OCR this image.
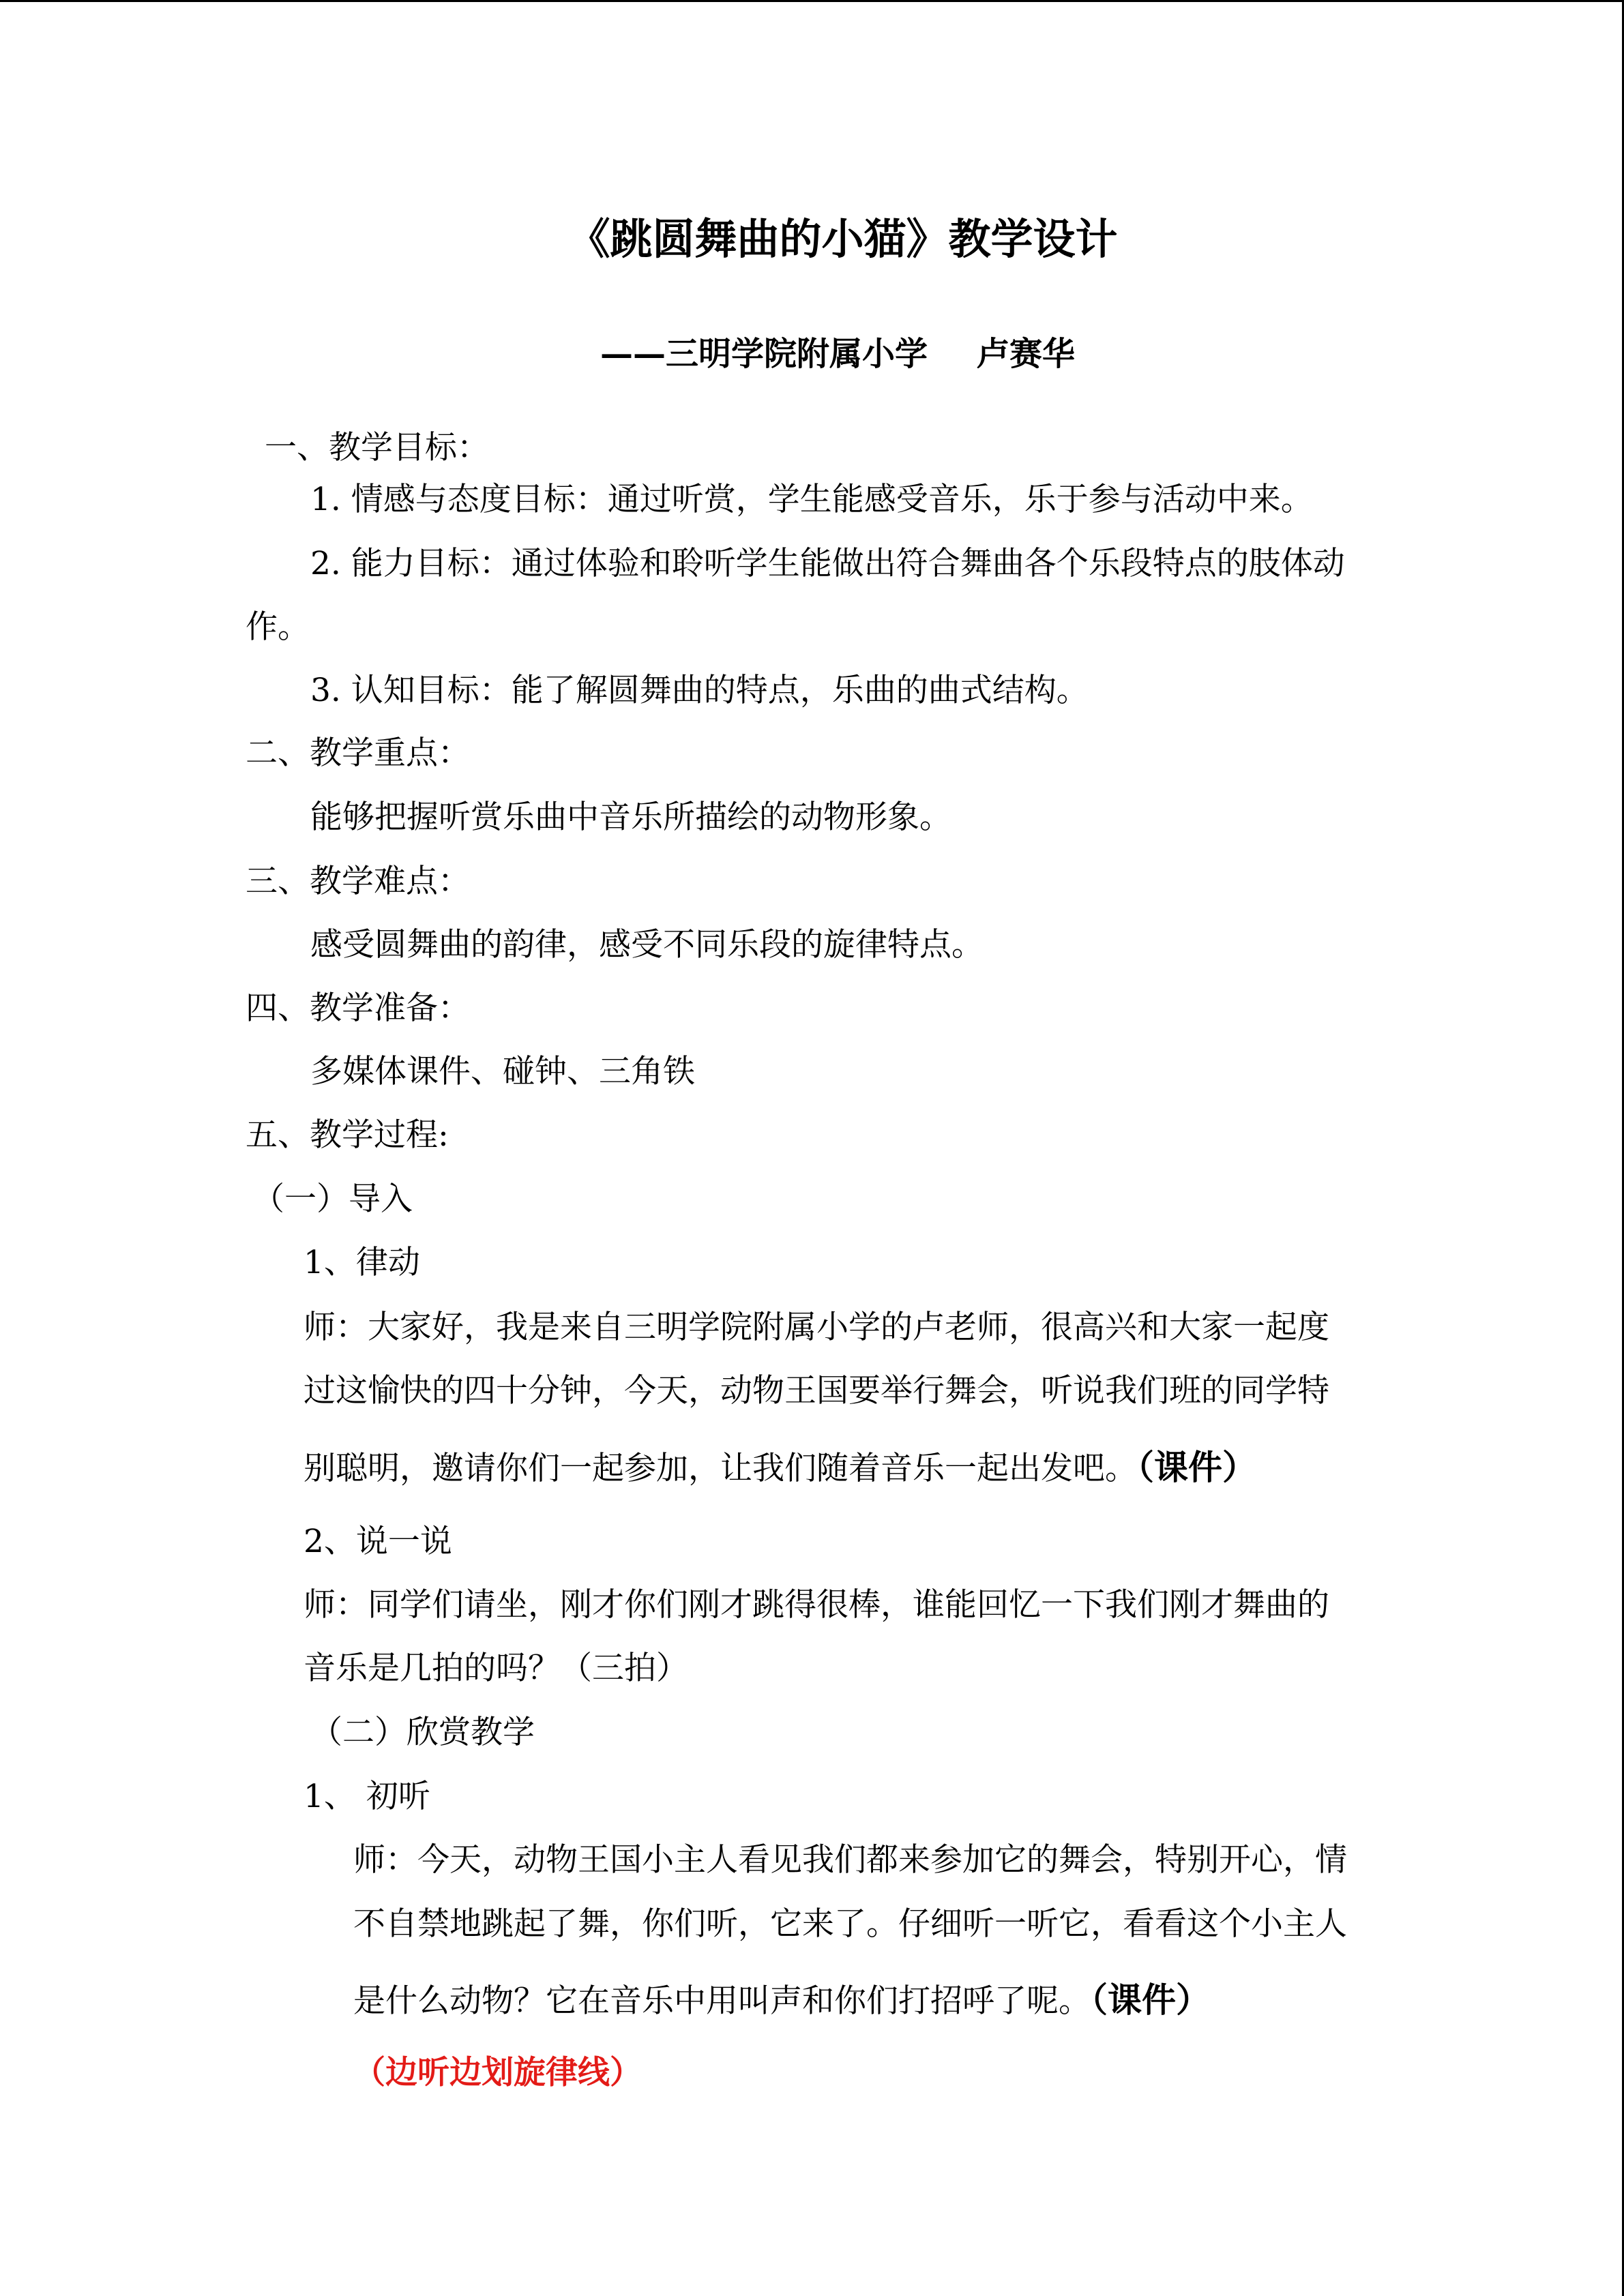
《跳圆舞曲的小猫》教学设计
——三明学院附属小学 卢赛华
一、教学目标：
1. 情感与态度目标：通过听赏，学生能感受音乐，乐于参与活动中来。
2. 能力目标：通过体验和聆听学生能做出符合舞曲各个乐段特点的肢体动
作。
3. 认知目标：能了解圆舞曲的特点，乐曲的曲式结构。
二、教学重点：
能够把握听赏乐曲中音乐所描绘的动物形象。
三、教学难点：
感受圆舞曲的韵律，感受不同乐段的旋律特点。
四、教学准备：
多媒体课件、碰钟、三角铁
五、教学过程:
（一）导入
1、律动
师：大家好，我是来自三明学院附属小学的卢老师，很高兴和大家一起度
过这愉快的四十分钟，今天，动物王国要举行舞会，听说我们班的同学特
别聪明，邀请你们一起参加，让我们随着音乐一起出发吧。（课件）
2、说一说
师：同学们请坐，刚才你们刚才跳得很棒，谁能回忆一下我们刚才舞曲的
音乐是几拍的吗？（三拍）
（二）欣赏教学
1、 初听
师：今天，动物王国小主人看见我们都来参加它的舞会，特别开心，情
不自禁地跳起了舞，你们听，它来了。仔细听一听它，看看这个小主人
是什么动物？它在音乐中用叫声和你们打招呼了呢。（课件）
（边听边划旋律线）
